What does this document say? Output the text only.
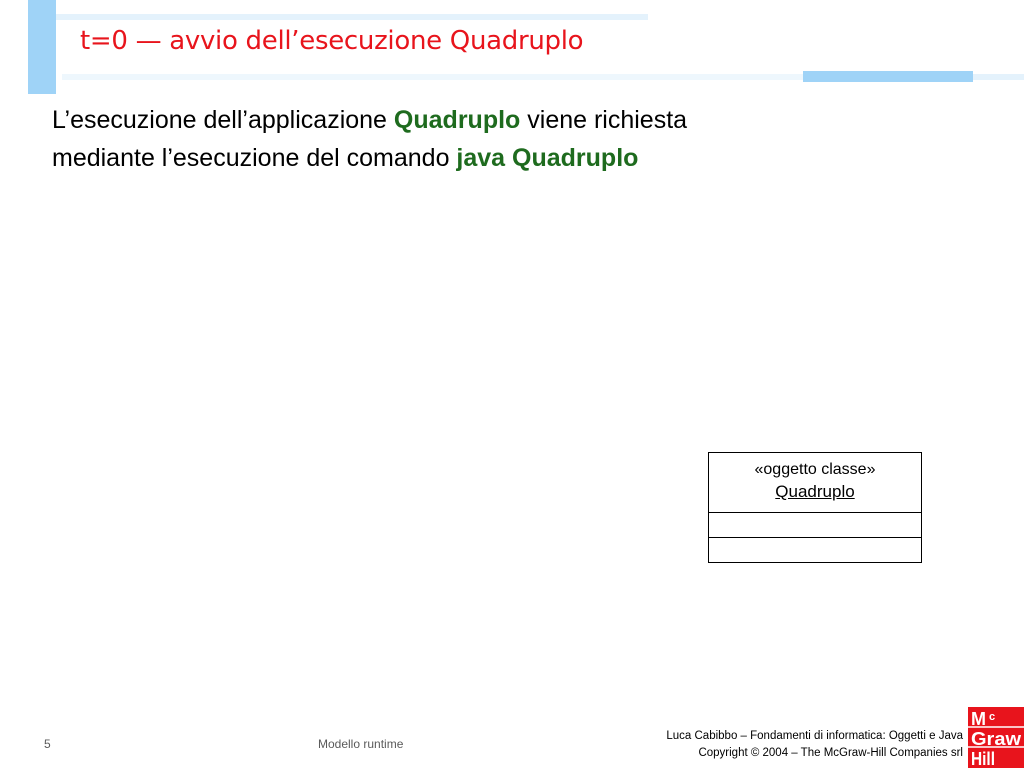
t=0 — avvio dell’esecuzione Quadruplo

L’esecuzione dell’applicazione Quadruplo viene richiesta
mediante l’esecuzione del comando java Quadruplo

«oggetto classe»
Quadruplo
5	Modello runtime
Luca Cabibbo – Fondamenti di informatica: Oggetti e Java
Copyright © 2004 – The McGraw-Hill Companies srl
M c
Graw
Hill
